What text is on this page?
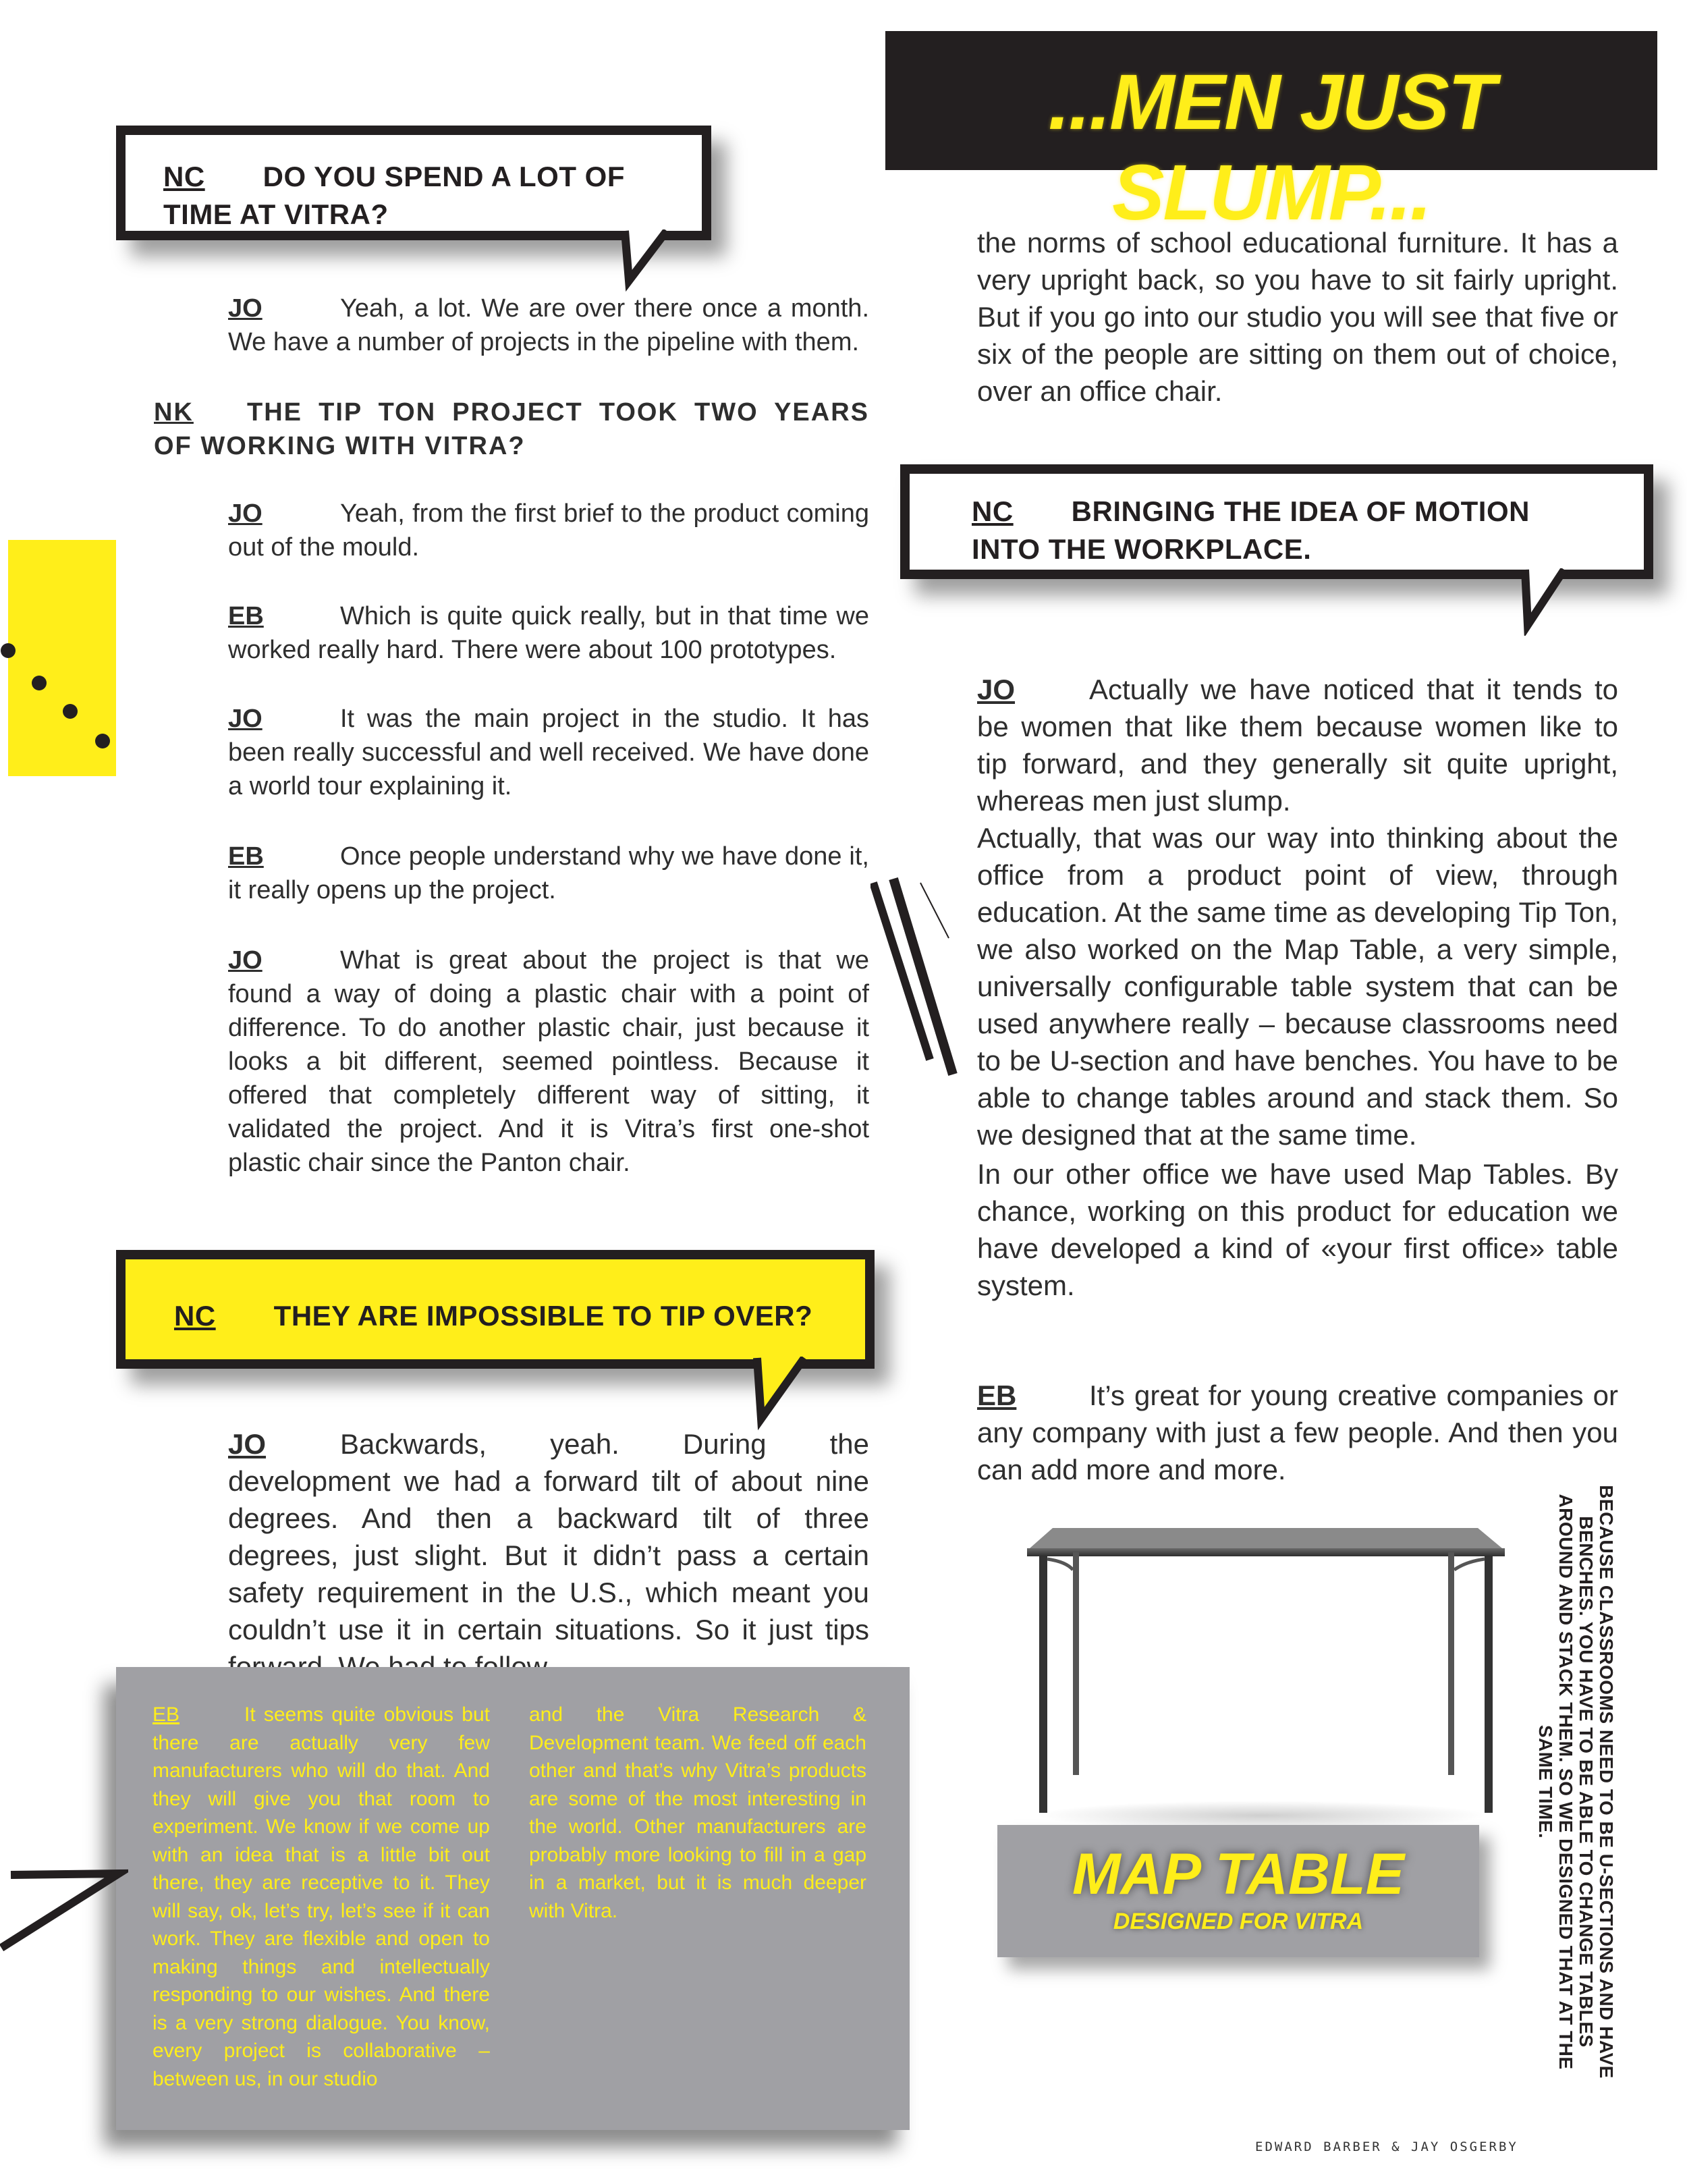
...MEN JUST SLUMP...
NC DO YOU SPEND A LOT OF TIME AT VITRA?
JO	Yeah, a lot. We are over there once a month. We have a number of projects in the pipeline with them.
NK THE TIP TON PROJECT TOOK TWO YEARS OF WORKING WITH VITRA?
JO	Yeah, from the first brief to the product coming out of the mould.
EB	Which is quite quick really, but in that time we worked really hard. There were about 100 prototypes.
JO	It was the main project in the studio. It has been really successful and well received. We have done a world tour explaining it.
EB	Once people understand why we have done it, it really opens up the project.
JO	What is great about the project is that we found a way of doing a plastic chair with a point of difference. To do another plastic chair, just because it looks a bit different, seemed pointless. Because it offered that completely different way of sitting, it validated the project. And it is Vitra’s first one-shot plastic chair since the Panton chair.
NC THEY ARE IMPOSSIBLE TO TIP OVER?
JO	Backwards, yeah. During the development we had a forward tilt of about nine degrees. And then a backward tilt of three degrees, just slight. But it didn’t pass a certain safety requirement in the U.S., which meant you couldn’t use it in certain situations. So it just tips
the norms of school educational furniture. It has a very upright back, so you have to sit fairly upright. But if you go into our studio you will see that five or six of the people are sitting on them out of choice, over an office chair.
NC BRINGING THE IDEA OF MOTION INTO THE WORKPLACE.
JO	Actually we have noticed that it tends to be women that like them because women like to tip forward, and they generally sit quite upright, whereas men just slump.
Actually, that was our way into thinking about the office from a product point of view, through education. At the same time as developing Tip Ton, we also worked on the Map Table, a very simple, universally configurable table system that can be used anywhere really – because classrooms need to be U-section and have benches. You have to be able to change tables around and stack them. So we designed that at the same time.
In our other office we have used Map Tables. By chance, working on this product for education we have developed a kind of «your first office» table system.
EB	It’s great for young creative companies or any company with just a few people. And then you can add more and more.
EB	It seems quite obvious but there are actually very few manufacturers who will do that. And they will give you that room to experiment. We know if we come up with an idea that is a little bit out there, they are receptive to it. They will say, ok, let’s try, let’s see if it can work. They are flexible and open to making things and intellectually responding to our wishes. And there is a very strong dialogue. You know, every project is collaborative – between us, in our studio
and the Vitra Research & Development team. We feed off each other and that’s why Vitra’s products are some of the most interesting in the world. Other manufacturers are probably more looking to fill in a gap in a market, but it is much deeper with Vitra.
MAP TABLE
DESIGNED FOR VITRA	BECAUSE CLASSROOMS NEED TO BE U-SECTIONS AND HAVE BENCHES. YOU HAVE TO BE ABLE TO CHANGE TABLES AROUND AND STACK THEM. SO WE DESIGNED THAT AT THE SAME TIME.
EDWARD BARBER & JAY OSGERBY
